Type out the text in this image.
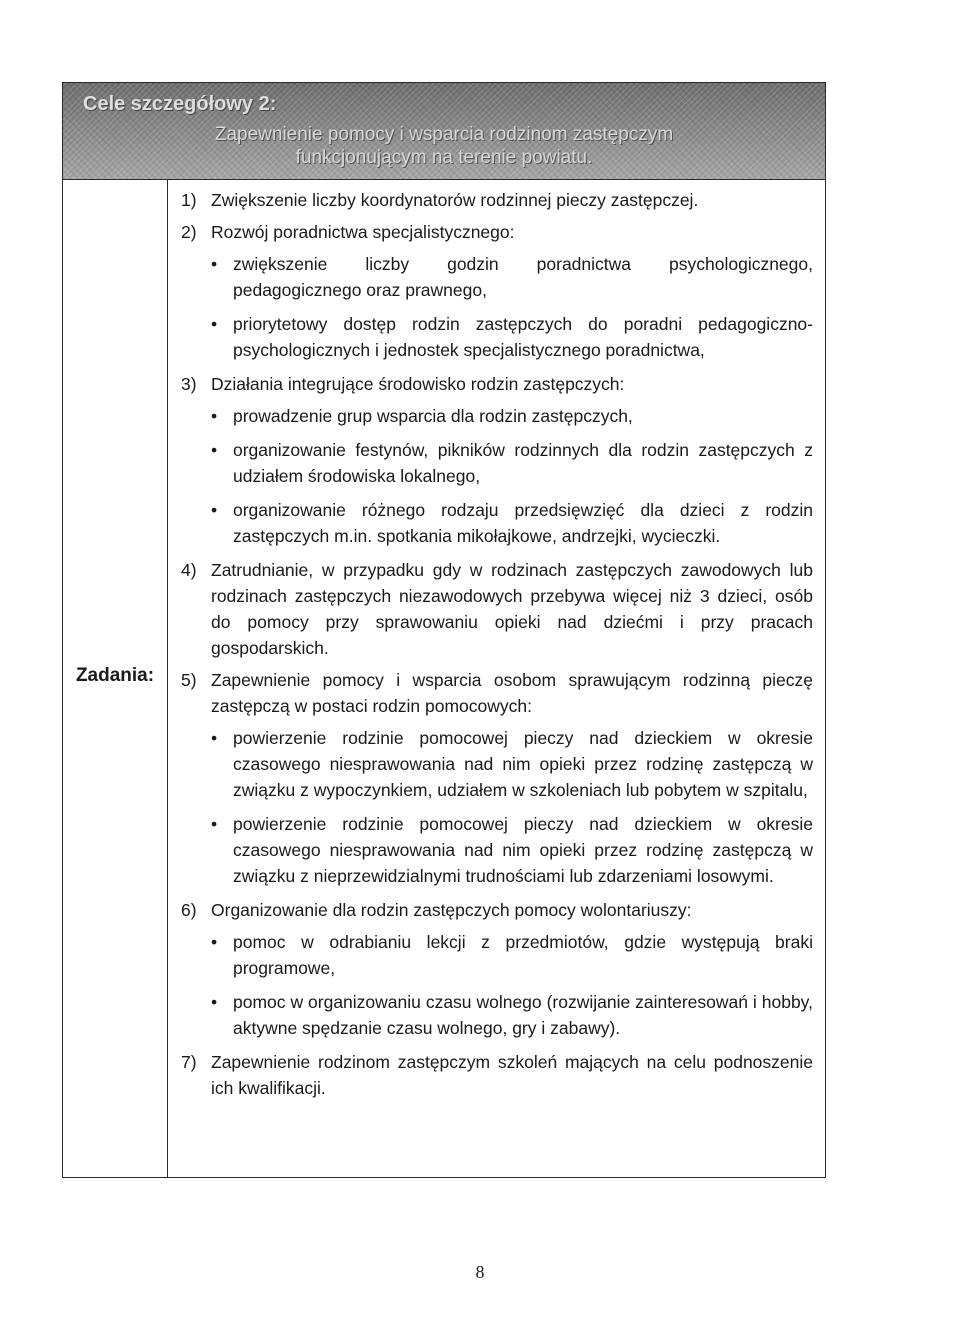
Cele szczegółowy 2:
Zapewnienie pomocy i wsparcia rodzinom zastępczym funkcjonującym na terenie powiatu.
Zadania:
1) Zwiększenie liczby koordynatorów rodzinnej pieczy zastępczej.
2) Rozwój poradnictwa specjalistycznego:
• zwiększenie liczby godzin poradnictwa psychologicznego, pedagogicznego oraz prawnego,
• priorytetowy dostęp rodzin zastępczych do poradni pedagogiczno-psychologicznych i jednostek specjalistycznego poradnictwa,
3) Działania integrujące środowisko rodzin zastępczych:
• prowadzenie grup wsparcia dla rodzin zastępczych,
• organizowanie festynów, pikników rodzinnych dla rodzin zastępczych z udziałem środowiska lokalnego,
• organizowanie różnego rodzaju przedsięwzięć dla dzieci z rodzin zastępczych m.in. spotkania mikołajkowe, andrzejki, wycieczki.
4) Zatrudnianie, w przypadku gdy w rodzinach zastępczych zawodowych lub rodzinach zastępczych niezawodowych przebywa więcej niż 3 dzieci, osób do pomocy przy sprawowaniu opieki nad dziećmi i przy pracach gospodarskich.
5) Zapewnienie pomocy i wsparcia osobom sprawującym rodzinną pieczę zastępczą w postaci rodzin pomocowych:
• powierzenie rodzinie pomocowej pieczy nad dzieckiem w okresie czasowego niesprawowania nad nim opieki przez rodzinę zastępczą w związku z wypoczynkiem, udziałem w szkoleniach lub pobytem w szpitalu,
• powierzenie rodzinie pomocowej pieczy nad dzieckiem w okresie czasowego niesprawowania nad nim opieki przez rodzinę zastępczą w związku z nieprzewidzialnymi trudnościami lub zdarzeniami losowymi.
6) Organizowanie dla rodzin zastępczych pomocy wolontariuszy:
• pomoc w odrabianiu lekcji z przedmiotów, gdzie występują braki programowe,
• pomoc w organizowaniu czasu wolnego (rozwijanie zainteresowań i hobby, aktywne spędzanie czasu wolnego, gry i zabawy).
7) Zapewnienie rodzinom zastępczym szkoleń mających na celu podnoszenie ich kwalifikacji.
8
